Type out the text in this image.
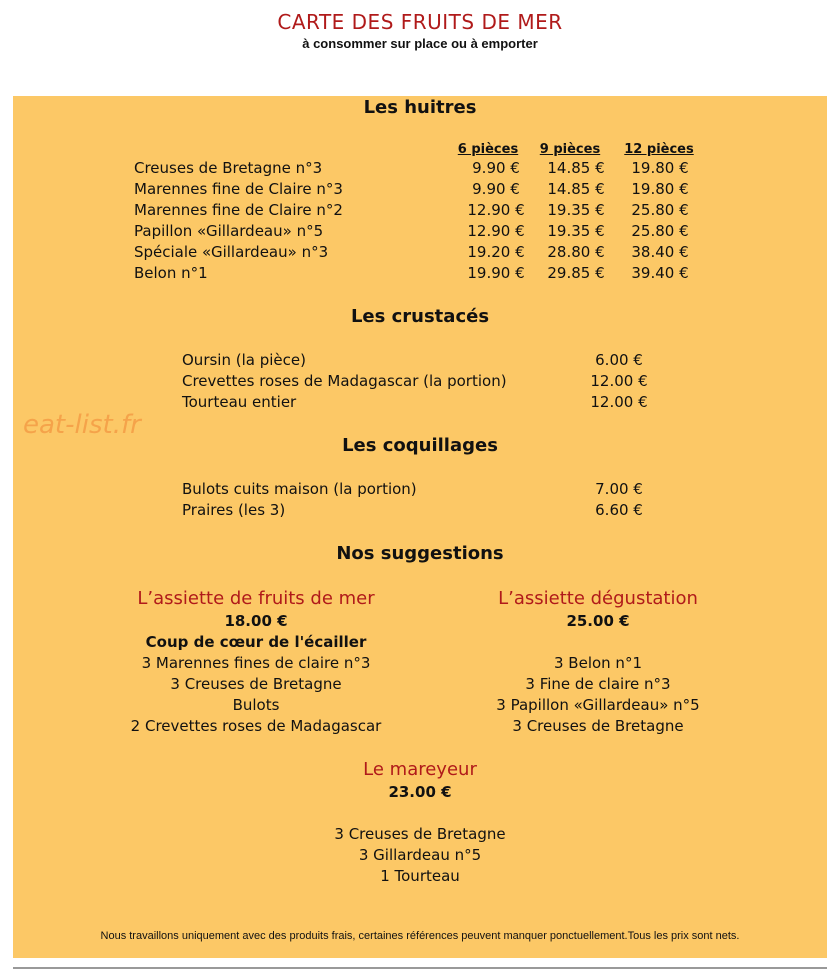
CARTE DES FRUITS DE MER
à consommer sur place ou à emporter
eat-list.fr
Les huitres
6 pièces	9 pièces	12 pièces
Creuses de Bretagne n°3	9.90 €	14.85 €	19.80 €
Marennes fine de Claire n°3	9.90 €	14.85 €	19.80 €
Marennes fine de Claire n°2	12.90 €	19.35 €	25.80 €
Papillon «Gillardeau» n°5	12.90 €	19.35 €	25.80 €
Spéciale «Gillardeau» n°3	19.20 €	28.80 €	38.40 €
Belon n°1	19.90 €	29.85 €	39.40 €
Les crustacés
Oursin (la pièce)	6.00 €
Crevettes roses de Madagascar (la portion)	12.00 €
Tourteau entier	12.00 €
Les coquillages
Bulots cuits maison (la portion)	7.00 €
Praires (les 3)	6.60 €
Nos suggestions
L’assiette de fruits de mer
18.00 €
Coup de cœur de l'écailler
3 Marennes fines de claire n°3
3 Creuses de Bretagne
Bulots
2 Crevettes roses de Madagascar
L’assiette dégustation
25.00 €
3 Belon n°1
3 Fine de claire n°3
3 Papillon «Gillardeau» n°5
3 Creuses de Bretagne
Le mareyeur
23.00 €
3 Creuses de Bretagne
3 Gillardeau n°5
1 Tourteau
Nous travaillons uniquement avec des produits frais, certaines références peuvent manquer ponctuellement.Tous les prix sont nets.
